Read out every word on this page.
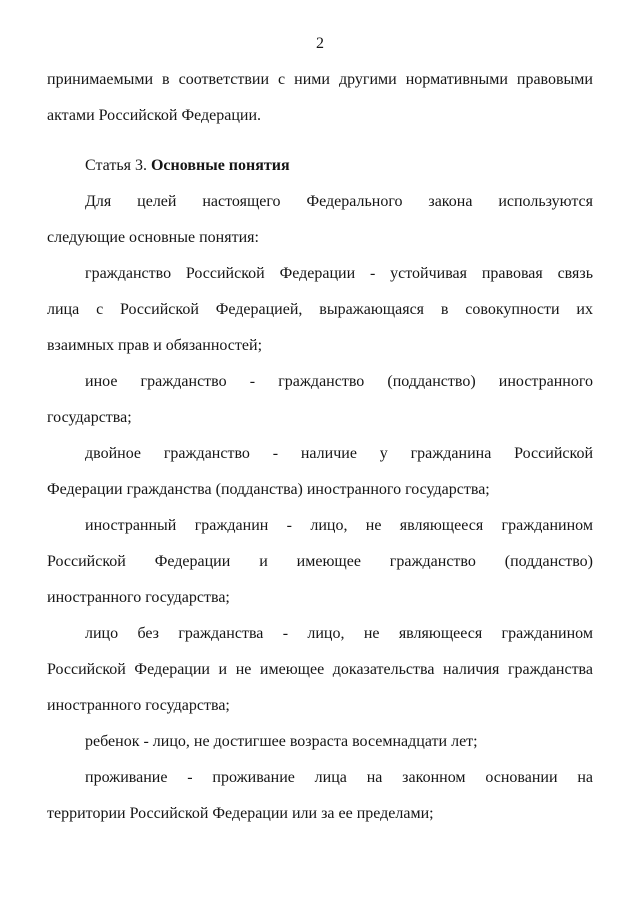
2
принимаемыми в соответствии с ними другими нормативными правовыми
актами Российской Федерации.
Статья 3. Основные понятия
Для целей настоящего Федерального закона используются
следующие основные понятия:
гражданство Российской Федерации - устойчивая правовая связь
лица с Российской Федерацией, выражающаяся в совокупности их
взаимных прав и обязанностей;
иное гражданство - гражданство (подданство) иностранного
государства;
двойное гражданство - наличие у гражданина Российской
Федерации гражданства (подданства) иностранного государства;
иностранный гражданин - лицо, не являющееся гражданином
Российской Федерации и имеющее гражданство (подданство)
иностранного государства;
лицо без гражданства - лицо, не являющееся гражданином
Российской Федерации и не имеющее доказательства наличия гражданства
иностранного государства;
ребенок - лицо, не достигшее возраста восемнадцати лет;
проживание - проживание лица на законном основании на
территории Российской Федерации или за ее пределами;
